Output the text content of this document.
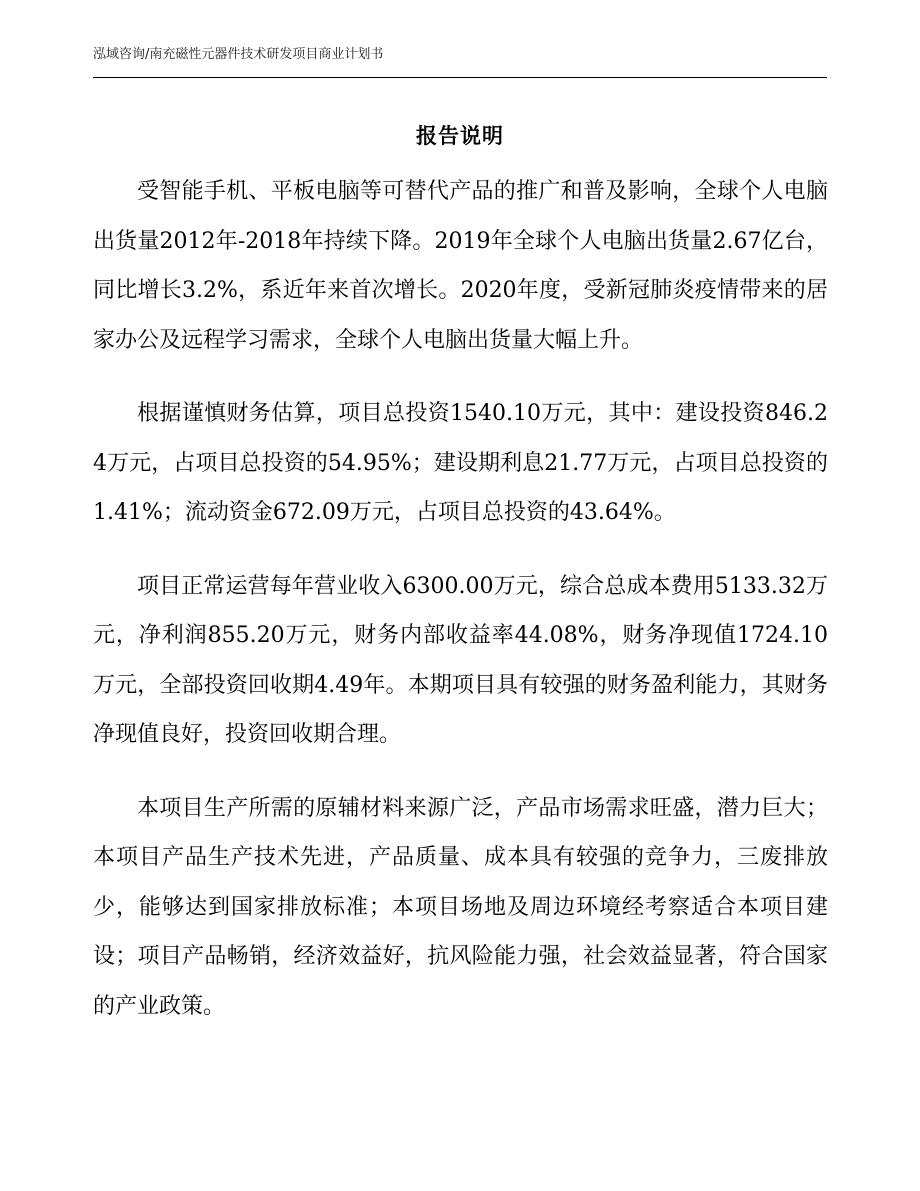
泓域咨询/南充磁性元器件技术研发项目商业计划书
报告说明

受智能手机、平板电脑等可替代产品的推广和普及影响，全球个人电脑出货量2012年-2018年持续下降。2019年全球个人电脑出货量2.67亿台，同比增长3.2%，系近年来首次增长。2020年度，受新冠肺炎疫情带来的居家办公及远程学习需求，全球个人电脑出货量大幅上升。

根据谨慎财务估算，项目总投资1540.10万元，其中：建设投资846.24万元，占项目总投资的54.95%；建设期利息21.77万元，占项目总投资的1.41%；流动资金672.09万元，占项目总投资的43.64%。

项目正常运营每年营业收入6300.00万元，综合总成本费用5133.32万元，净利润855.20万元，财务内部收益率44.08%，财务净现值1724.10万元，全部投资回收期4.49年。本期项目具有较强的财务盈利能力，其财务净现值良好，投资回收期合理。

本项目生产所需的原辅材料来源广泛，产品市场需求旺盛，潜力巨大；本项目产品生产技术先进，产品质量、成本具有较强的竞争力，三废排放少，能够达到国家排放标准；本项目场地及周边环境经考察适合本项目建设；项目产品畅销，经济效益好，抗风险能力强，社会效益显著，符合国家的产业政策。
